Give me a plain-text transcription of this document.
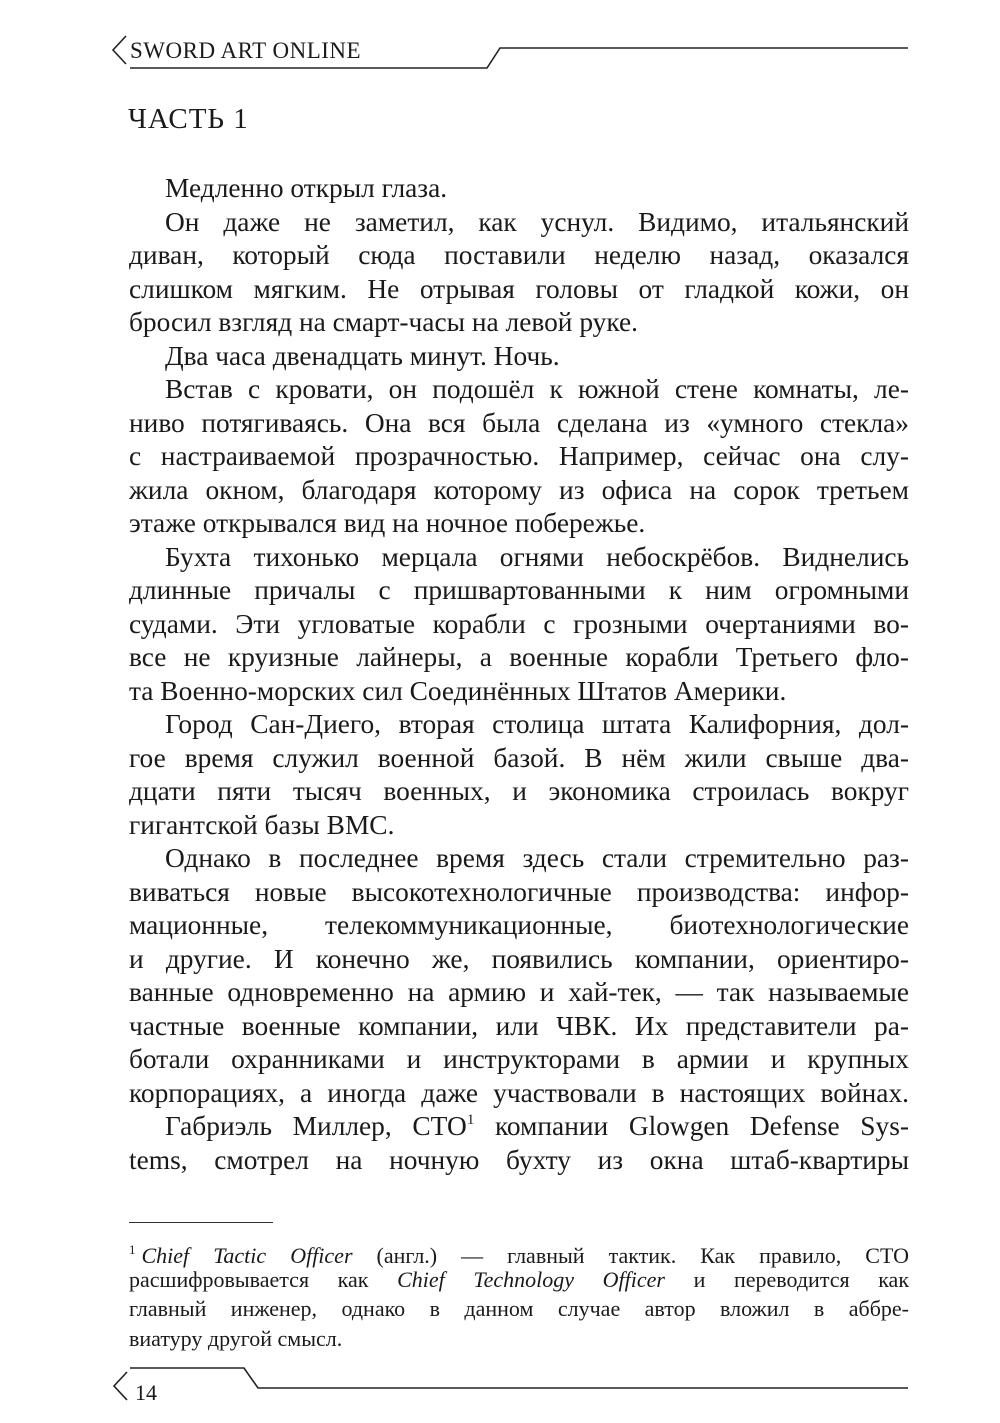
SWORD ART ONLINE
ЧАСТЬ 1
Медленно открыл глаза.
Он даже не заметил, как уснул. Видимо, итальянский
диван, который сюда поставили неделю назад, оказался
слишком мягким. Не отрывая головы от гладкой кожи, он
бросил взгляд на смарт-часы на левой руке.
Два часа двенадцать минут. Ночь.
Встав с кровати, он подошёл к южной стене комнаты, ле-
ниво потягиваясь. Она вся была сделана из «умного стекла»
с настраиваемой прозрачностью. Например, сейчас она слу-
жила окном, благодаря которому из офиса на сорок третьем
этаже открывался вид на ночное побережье.
Бухта тихонько мерцала огнями небоскрёбов. Виднелись
длинные причалы с пришвартованными к ним огромными
судами. Эти угловатые корабли с грозными очертаниями во-
все не круизные лайнеры, а военные корабли Третьего фло-
та Военно-морских сил Соединённых Штатов Америки.
Город Сан-Диего, вторая столица штата Калифорния, дол-
гое время служил военной базой. В нём жили свыше два-
дцати пяти тысяч военных, и экономика строилась вокруг
гигантской базы ВМС.
Однако в последнее время здесь стали стремительно раз-
виваться новые высокотехнологичные производства: инфор-
мационные, телекоммуникационные, биотехнологические
и другие. И конечно же, появились компании, ориентиро-
ванные одновременно на армию и хай-тек, — так называемые
частные военные компании, или ЧВК. Их представители ра-
ботали охранниками и инструкторами в армии и крупных
корпорациях, а иногда даже участвовали в настоящих войнах.
Габриэль Миллер, СТО$^1$ компании Glowgen Defense Sys-
tems, смотрел на ночную бухту из окна штаб-квартиры
$^1$ Chief Tactic Officer (англ.) — главный тактик. Как правило, СТО
расшифровывается как Chief Technology Officer и переводится как
главный инженер, однако в данном случае автор вложил в аббре-
виатуру другой смысл.
14
